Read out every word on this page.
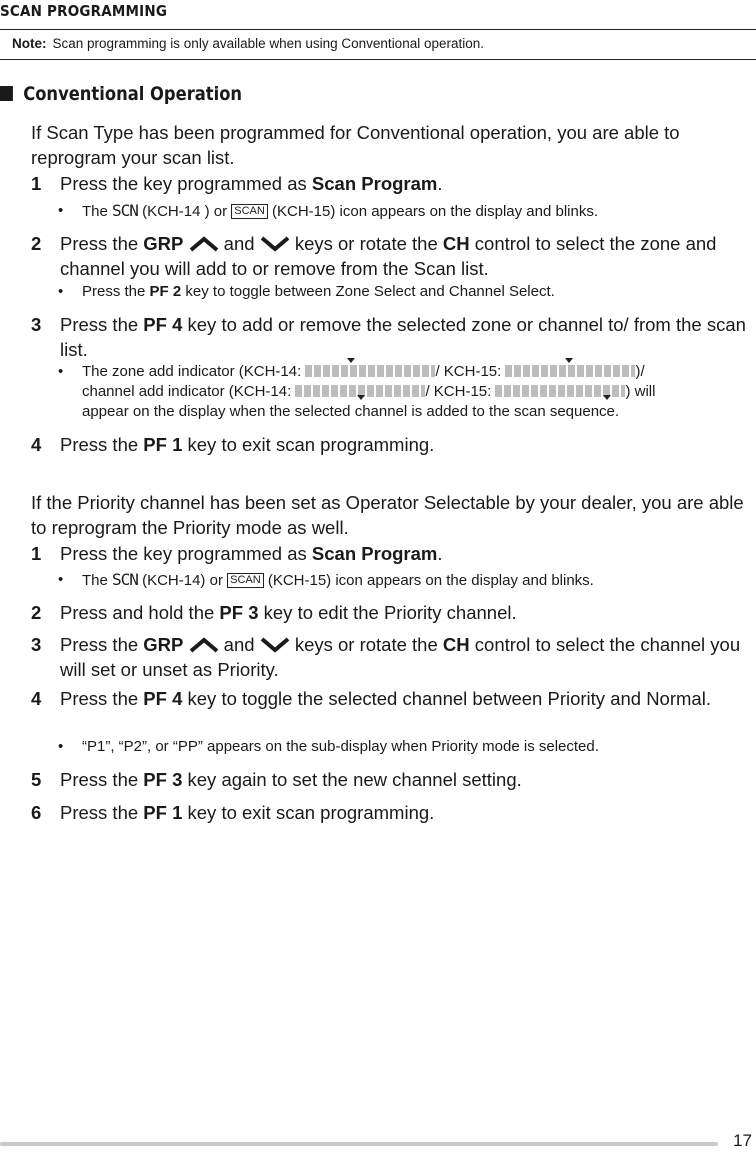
SCAN PROGRAMMING
Note: Scan programming is only available when using Conventional operation.
Conventional Operation
If Scan Type has been programmed for Conventional operation, you are able to reprogram your scan list.
1 Press the key programmed as Scan Program.
• The SCN (KCH-14 ) or SCAN (KCH-15) icon appears on the display and blinks.
2 Press the GRP  and  keys or rotate the CH control to select the zone and channel you will add to or remove from the Scan list.
• Press the PF 2 key to toggle between Zone Select and Channel Select.
3 Press the PF 4 key to add or remove the selected zone or channel to/ from the scan list.
• The zone add indicator (KCH-14:	/ KCH-15:	)/
channel add indicator (KCH-14:	/ KCH-15:	) will
appear on the display when the selected channel is added to the scan sequence.
4 Press the PF 1 key to exit scan programming.
If the Priority channel has been set as Operator Selectable by your dealer, you are able to reprogram the Priority mode as well.
1 Press the key programmed as Scan Program.
• The SCN (KCH-14) or SCAN (KCH-15) icon appears on the display and blinks.
2 Press and hold the PF 3 key to edit the Priority channel.
3 Press the GRP  and  keys or rotate the CH control to select the channel you will set or unset as Priority.
4 Press the PF 4 key to toggle the selected channel between Priority and Normal.
• “P1”, “P2”, or “PP” appears on the sub-display when Priority mode is selected.
5 Press the PF 3 key again to set the new channel setting.
6 Press the PF 1 key to exit scan programming.
17
